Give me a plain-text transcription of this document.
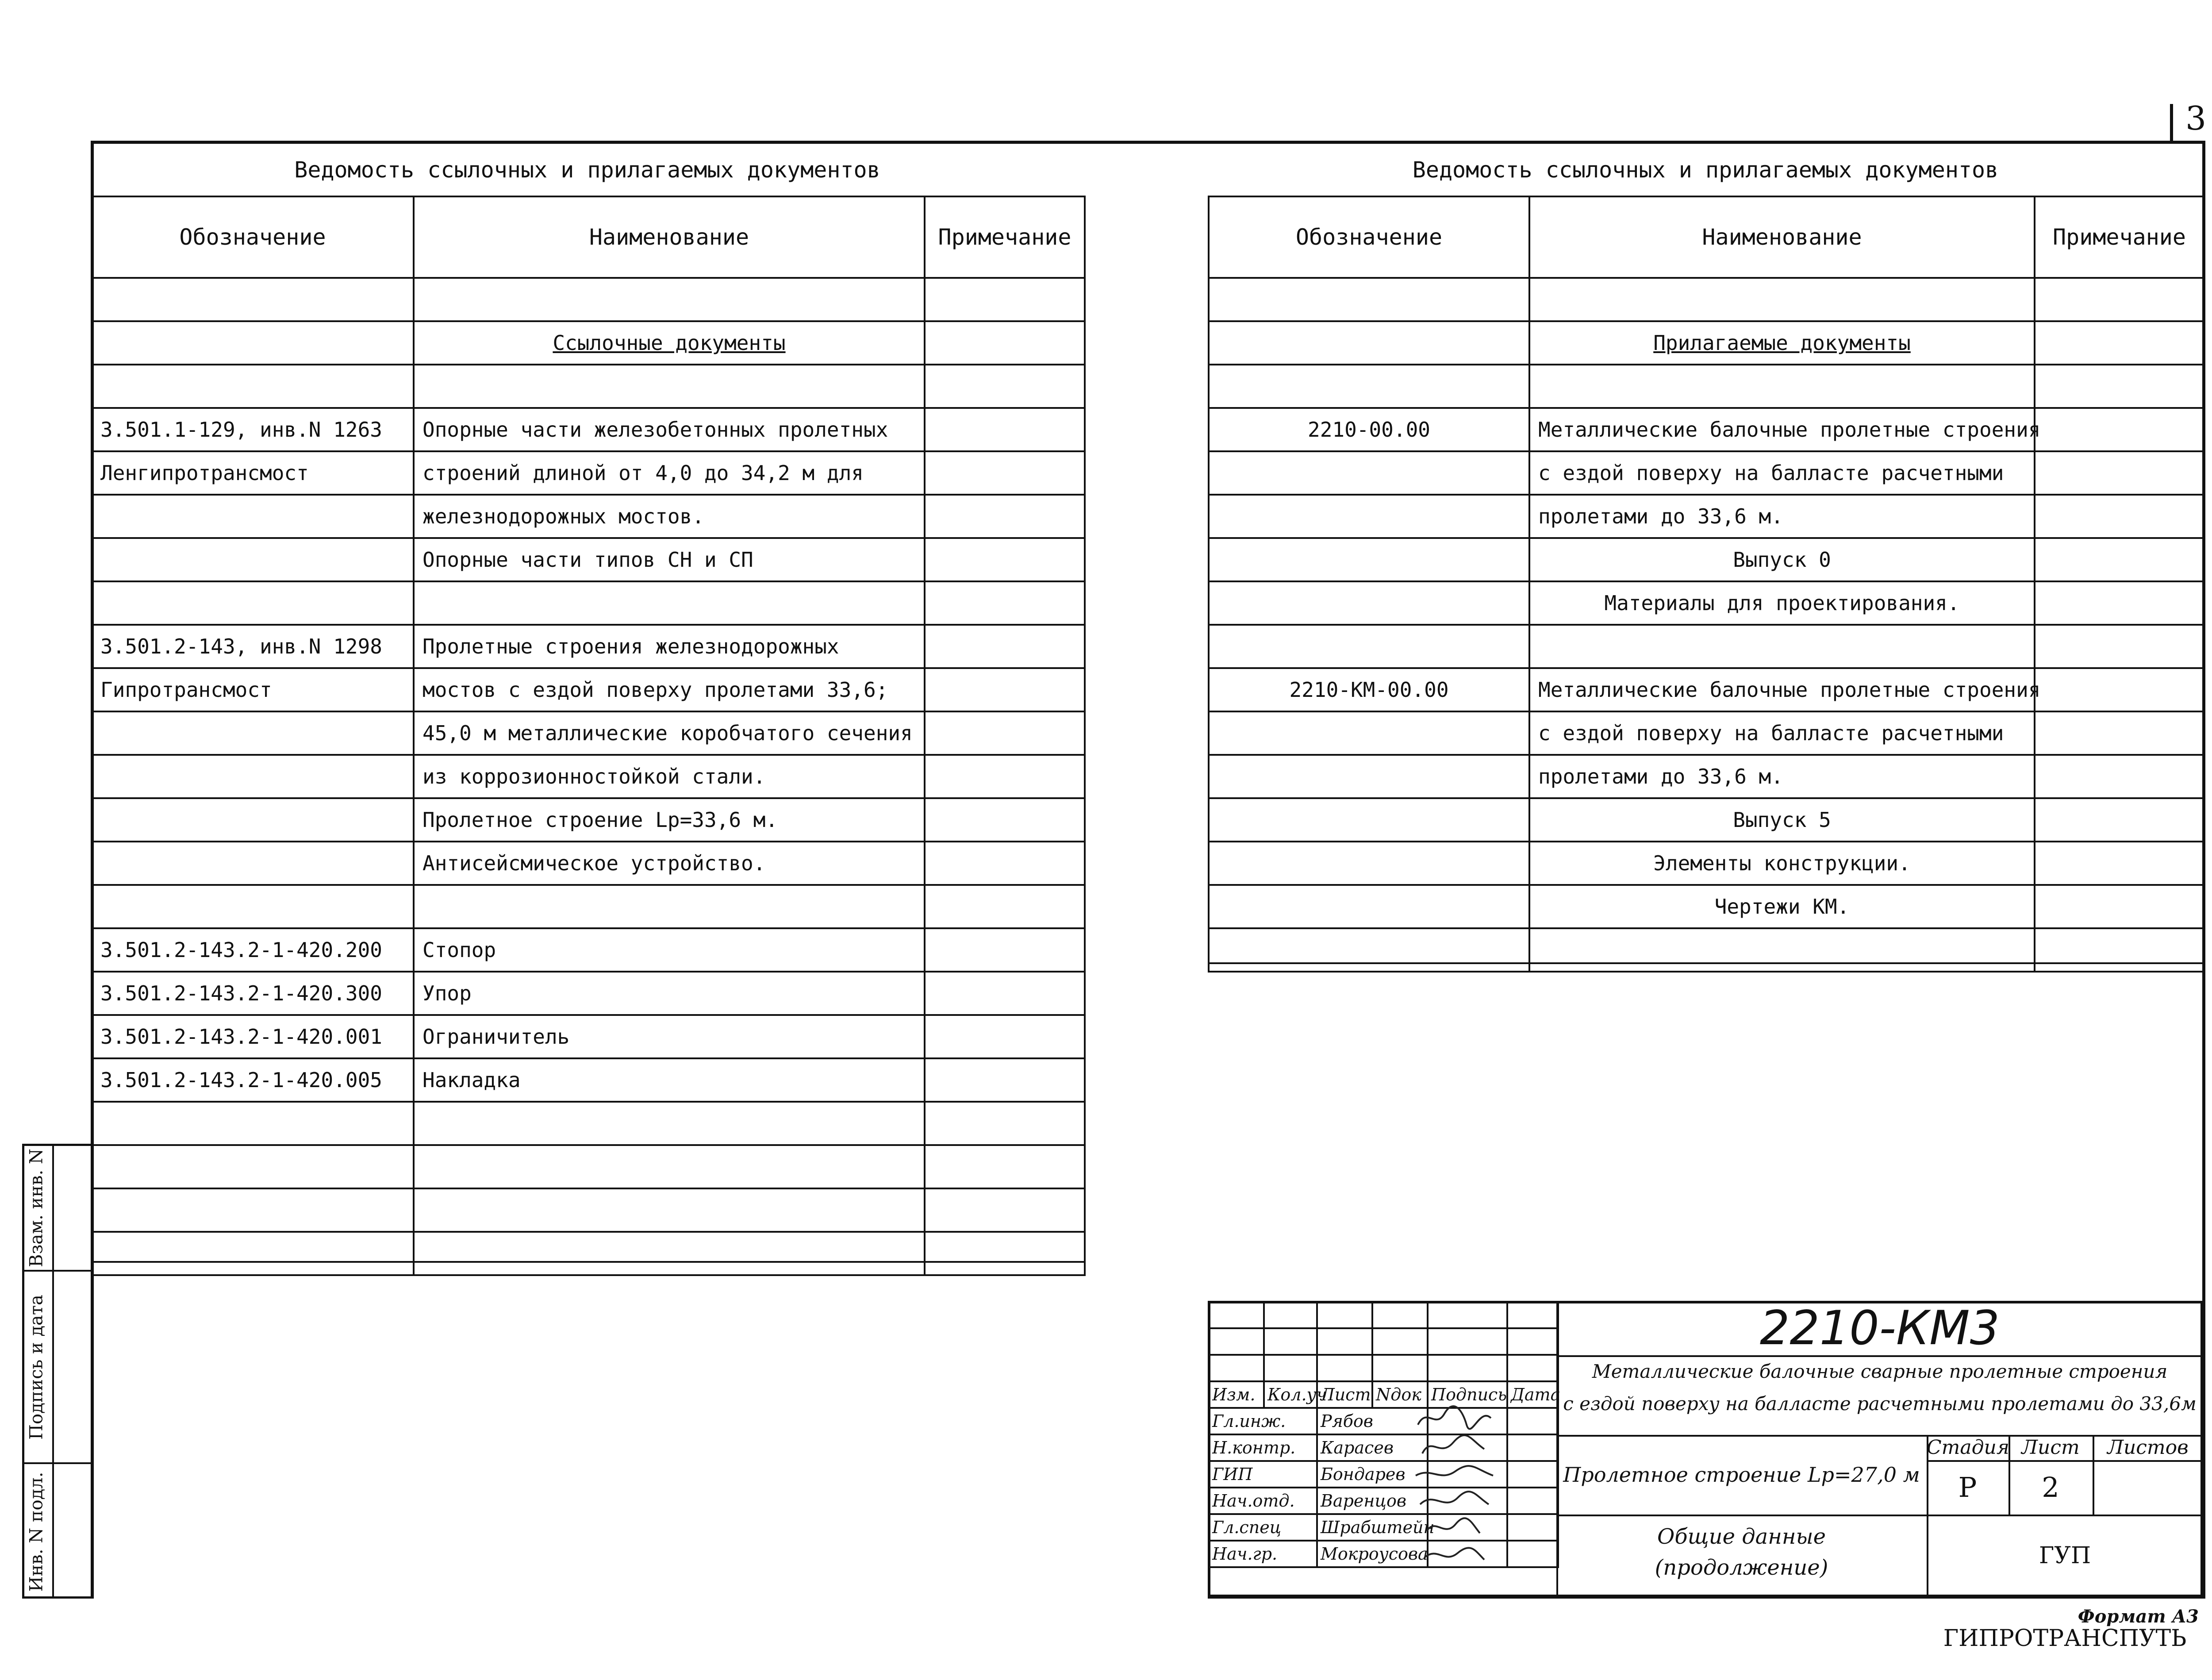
3
Ведомость ссылочных и прилагаемых документов
Обозначение	Наименование	Примечание

	Ссылочные документы	

3.501.1-129, инв.N 1263	Опорные части железобетонных пролетных	
Ленгипротрансмост	строений длиной от 4,0 до 34,2 м для	
	железнодорожных мостов.	
	Опорные части типов СН и СП	

3.501.2-143, инв.N 1298	Пролетные строения железнодорожных	
Гипротрансмост	мостов с ездой поверху пролетами 33,6;	
	45,0 м металлические коробчатого сечения	
	из коррозионностойкой стали.	
	Пролетное строение Lp=33,6 м.	
	Антисейсмическое устройство.	

3.501.2-143.2-1-420.200	Стопор	
3.501.2-143.2-1-420.300	Упор	
3.501.2-143.2-1-420.001	Ограничитель	
3.501.2-143.2-1-420.005	Накладка	

Ведомость ссылочных и прилагаемых документов
Обозначение	Наименование	Примечание

	Прилагаемые документы	

2210-00.00	Металлические балочные пролетные строения	
	с ездой поверху на балласте расчетными	
	пролетами до 33,6 м.	
	Выпуск 0	
	Материалы для проектирования.	

2210-КМ-00.00	Металлические балочные пролетные строения	
	с ездой поверху на балласте расчетными	
	пролетами до 33,6 м.	
	Выпуск 5	
	Элементы конструкции.	
	Чертежи КМ.	

Взам. инв. N
Подпись и дата
Инв. N подл.

Изм.	Кол.уч	Лист	Nдок	Подпись	Дата
Гл.инж.	Рябов		
Н.контр.	Карасев		
ГИП	Бондарев		
Нач.отд.	Варенцов		
Гл.спец	Шрабштейн		
Нач.гр.	Мокроусова		
2210-КМ3
Металлические балочные сварные пролетные строения
с ездой поверху на балласте расчетными пролетами до 33,6м
Пролетное строение Lp=27,0 м
Стадия Лист	Листов
Р	2
Общие данные
(продолжение)	ГУП ГИПРОТРАНСПУТЬ
Формат А3
